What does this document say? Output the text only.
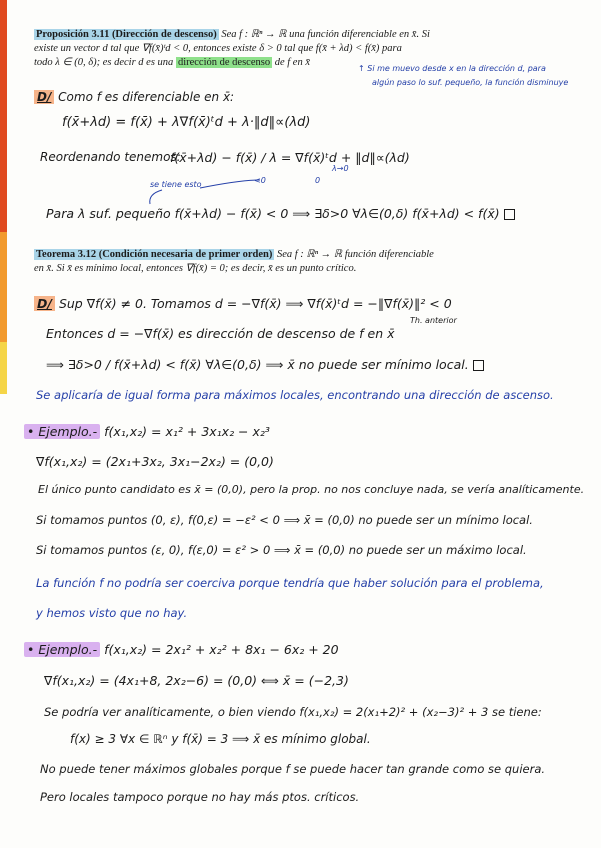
Proposición 3.11 (Dirección de descenso) Sea f : ℝⁿ → ℝ una función diferenciable en x̄. Si
existe un vector d tal que ∇f(x̄)ᵗd < 0, entonces existe δ > 0 tal que f(x̄ + λd) < f(x̄) para
todo λ ∈ (0, δ); es decir d es una dirección de descenso de f en x̄
↑ Si me muevo desde x en la dirección d, para
algún paso lo suf. pequeño, la función disminuye
D/ Como f es diferenciable en x̄:
f(x̄+λd) = f(x̄) + λ∇f(x̄)ᵗd + λ·‖d‖∝(λd)
Reordenando tenemos:
f(x̄+λd) − f(x̄) / λ = ∇f(x̄)ᵗd + ‖d‖∝(λd)
<0	0
λ→0
se tiene esto
Para λ suf. pequeño f(x̄+λd) − f(x̄) < 0 ⟹ ∃δ>0 ∀λ∈(0,δ) f(x̄+λd) < f(x̄)
Teorema 3.12 (Condición necesaria de primer orden) Sea f : ℝⁿ → ℝ función diferenciable
en x̄. Si x̄ es mínimo local, entonces ∇f(x̄) = 0; es decir, x̄ es un punto crítico.
D/ Sup ∇f(x̄) ≠ 0. Tomamos d = −∇f(x̄) ⟹ ∇f(x̄)ᵗd = −‖∇f(x̄)‖² < 0
Entonces d = −∇f(x̄) es dirección de descenso de f en x̄
Th. anterior
⟹ ∃δ>0 / f(x̄+λd) < f(x̄) ∀λ∈(0,δ) ⟹ x̄ no puede ser mínimo local.
Se aplicaría de igual forma para máximos locales, encontrando una dirección de ascenso.
• Ejemplo.- f(x₁,x₂) = x₁² + 3x₁x₂ − x₂³
∇f(x₁,x₂) = (2x₁+3x₂, 3x₁−2x₂) = (0,0)
El único punto candidato es x̄ = (0,0), pero la prop. no nos concluye nada, se vería analíticamente.
Si tomamos puntos (0, ε), f(0,ε) = −ε² < 0 ⟹ x̄ = (0,0) no puede ser un mínimo local.
Si tomamos puntos (ε, 0), f(ε,0) = ε² > 0 ⟹ x̄ = (0,0) no puede ser un máximo local.
La función f no podría ser coerciva porque tendría que haber solución para el problema,
y hemos visto que no hay.
• Ejemplo.- f(x₁,x₂) = 2x₁² + x₂² + 8x₁ − 6x₂ + 20
∇f(x₁,x₂) = (4x₁+8, 2x₂−6) = (0,0) ⟺ x̄ = (−2,3)
Se podría ver analíticamente, o bien viendo f(x₁,x₂) = 2(x₁+2)² + (x₂−3)² + 3 se tiene:
f(x) ≥ 3 ∀x ∈ ℝⁿ y f(x̄) = 3 ⟹ x̄ es mínimo global.
No puede tener máximos globales porque f se puede hacer tan grande como se quiera.
Pero locales tampoco porque no hay más ptos. críticos.
